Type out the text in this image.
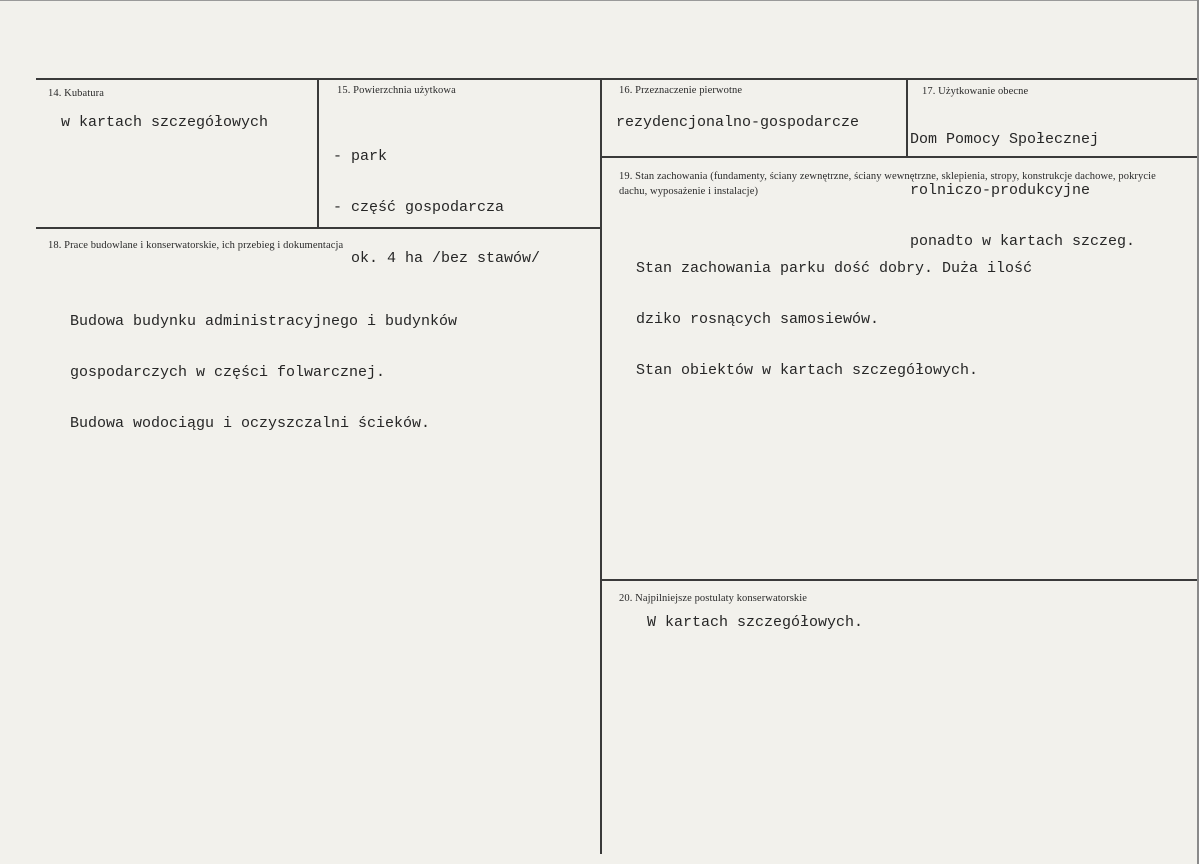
14. Kubatura
w kartach szczegółowych
15. Powierzchnia użytkowa

- park

- część gospodarcza

ok. 4 ha /bez stawów/

16. Przeznaczenie pierwotne
rezydencjonalno-gospodarcze
17. Użytkowanie obecne

Dom Pomocy Społecznej

rolniczo-produkcyjne

ponadto w kartach szczeg.

18. Prace budowlane i konserwatorskie, ich przebieg i dokumentacja

Budowa budynku administracyjnego i budynków

gospodarczych w części folwarcznej.

Budowa wodociągu i oczyszczalni ścieków.

19. Stan zachowania (fundamenty, ściany zewnętrzne, ściany wewnętrzne, sklepienia, stropy, konstrukcje dachowe, pokrycie dachu, wyposażenie i instalacje)

Stan zachowania parku dość dobry. Duża ilość

dziko rosnących samosiewów.

Stan obiektów w kartach szczegółowych.

20. Najpilniejsze postulaty konserwatorskie
W kartach szczegółowych.
